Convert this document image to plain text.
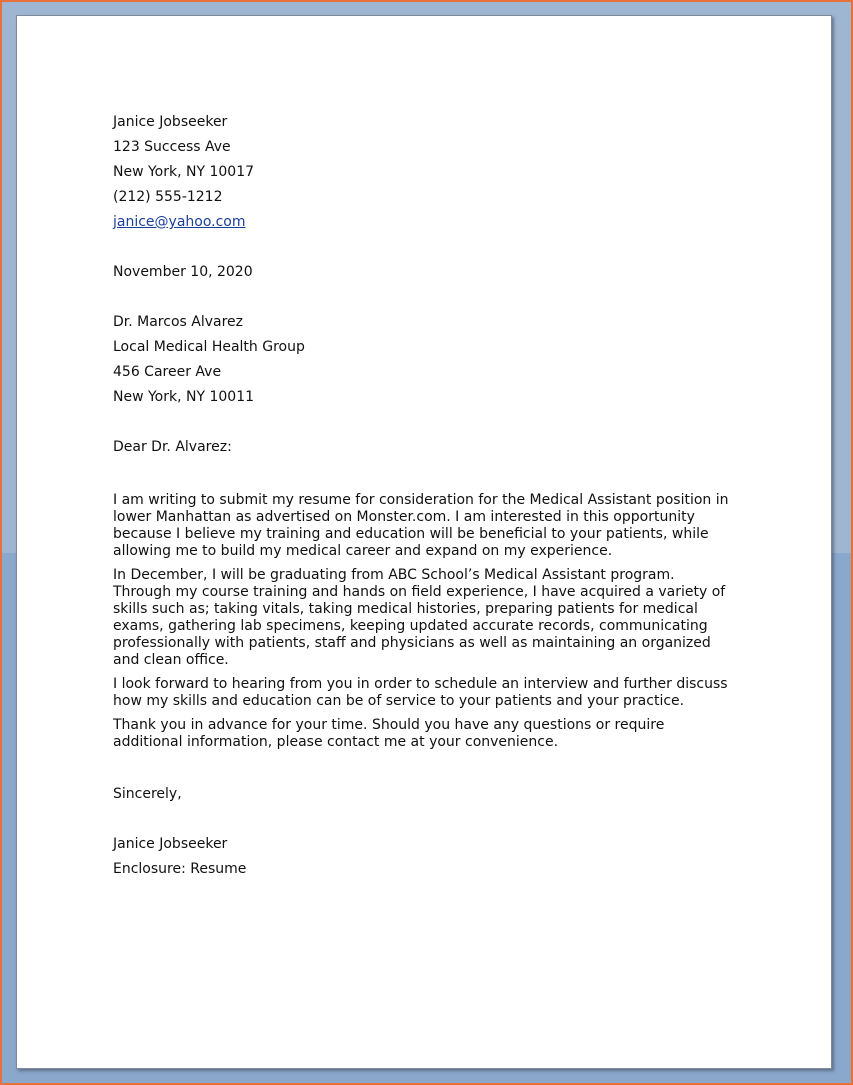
Janice Jobseeker
123 Success Ave
New York, NY 10017
(212) 555-1212
janice@yahoo.com
November 10, 2020
Dr. Marcos Alvarez
Local Medical Health Group
456 Career Ave
New York, NY 10011
Dear Dr. Alvarez:

I am writing to submit my resume for consideration for the Medical Assistant position in
lower Manhattan as advertised on Monster.com. I am interested in this opportunity
because I believe my training and education will be beneficial to your patients, while
allowing me to build my medical career and expand on my experience.

In December, I will be graduating from ABC School’s Medical Assistant program.
Through my course training and hands on field experience, I have acquired a variety of
skills such as; taking vitals, taking medical histories, preparing patients for medical
exams, gathering lab specimens, keeping updated accurate records, communicating
professionally with patients, staff and physicians as well as maintaining an organized
and clean office.

I look forward to hearing from you in order to schedule an interview and further discuss
how my skills and education can be of service to your patients and your practice.

Thank you in advance for your time. Should you have any questions or require
additional information, please contact me at your convenience.

Sincerely,
Janice Jobseeker
Enclosure: Resume
